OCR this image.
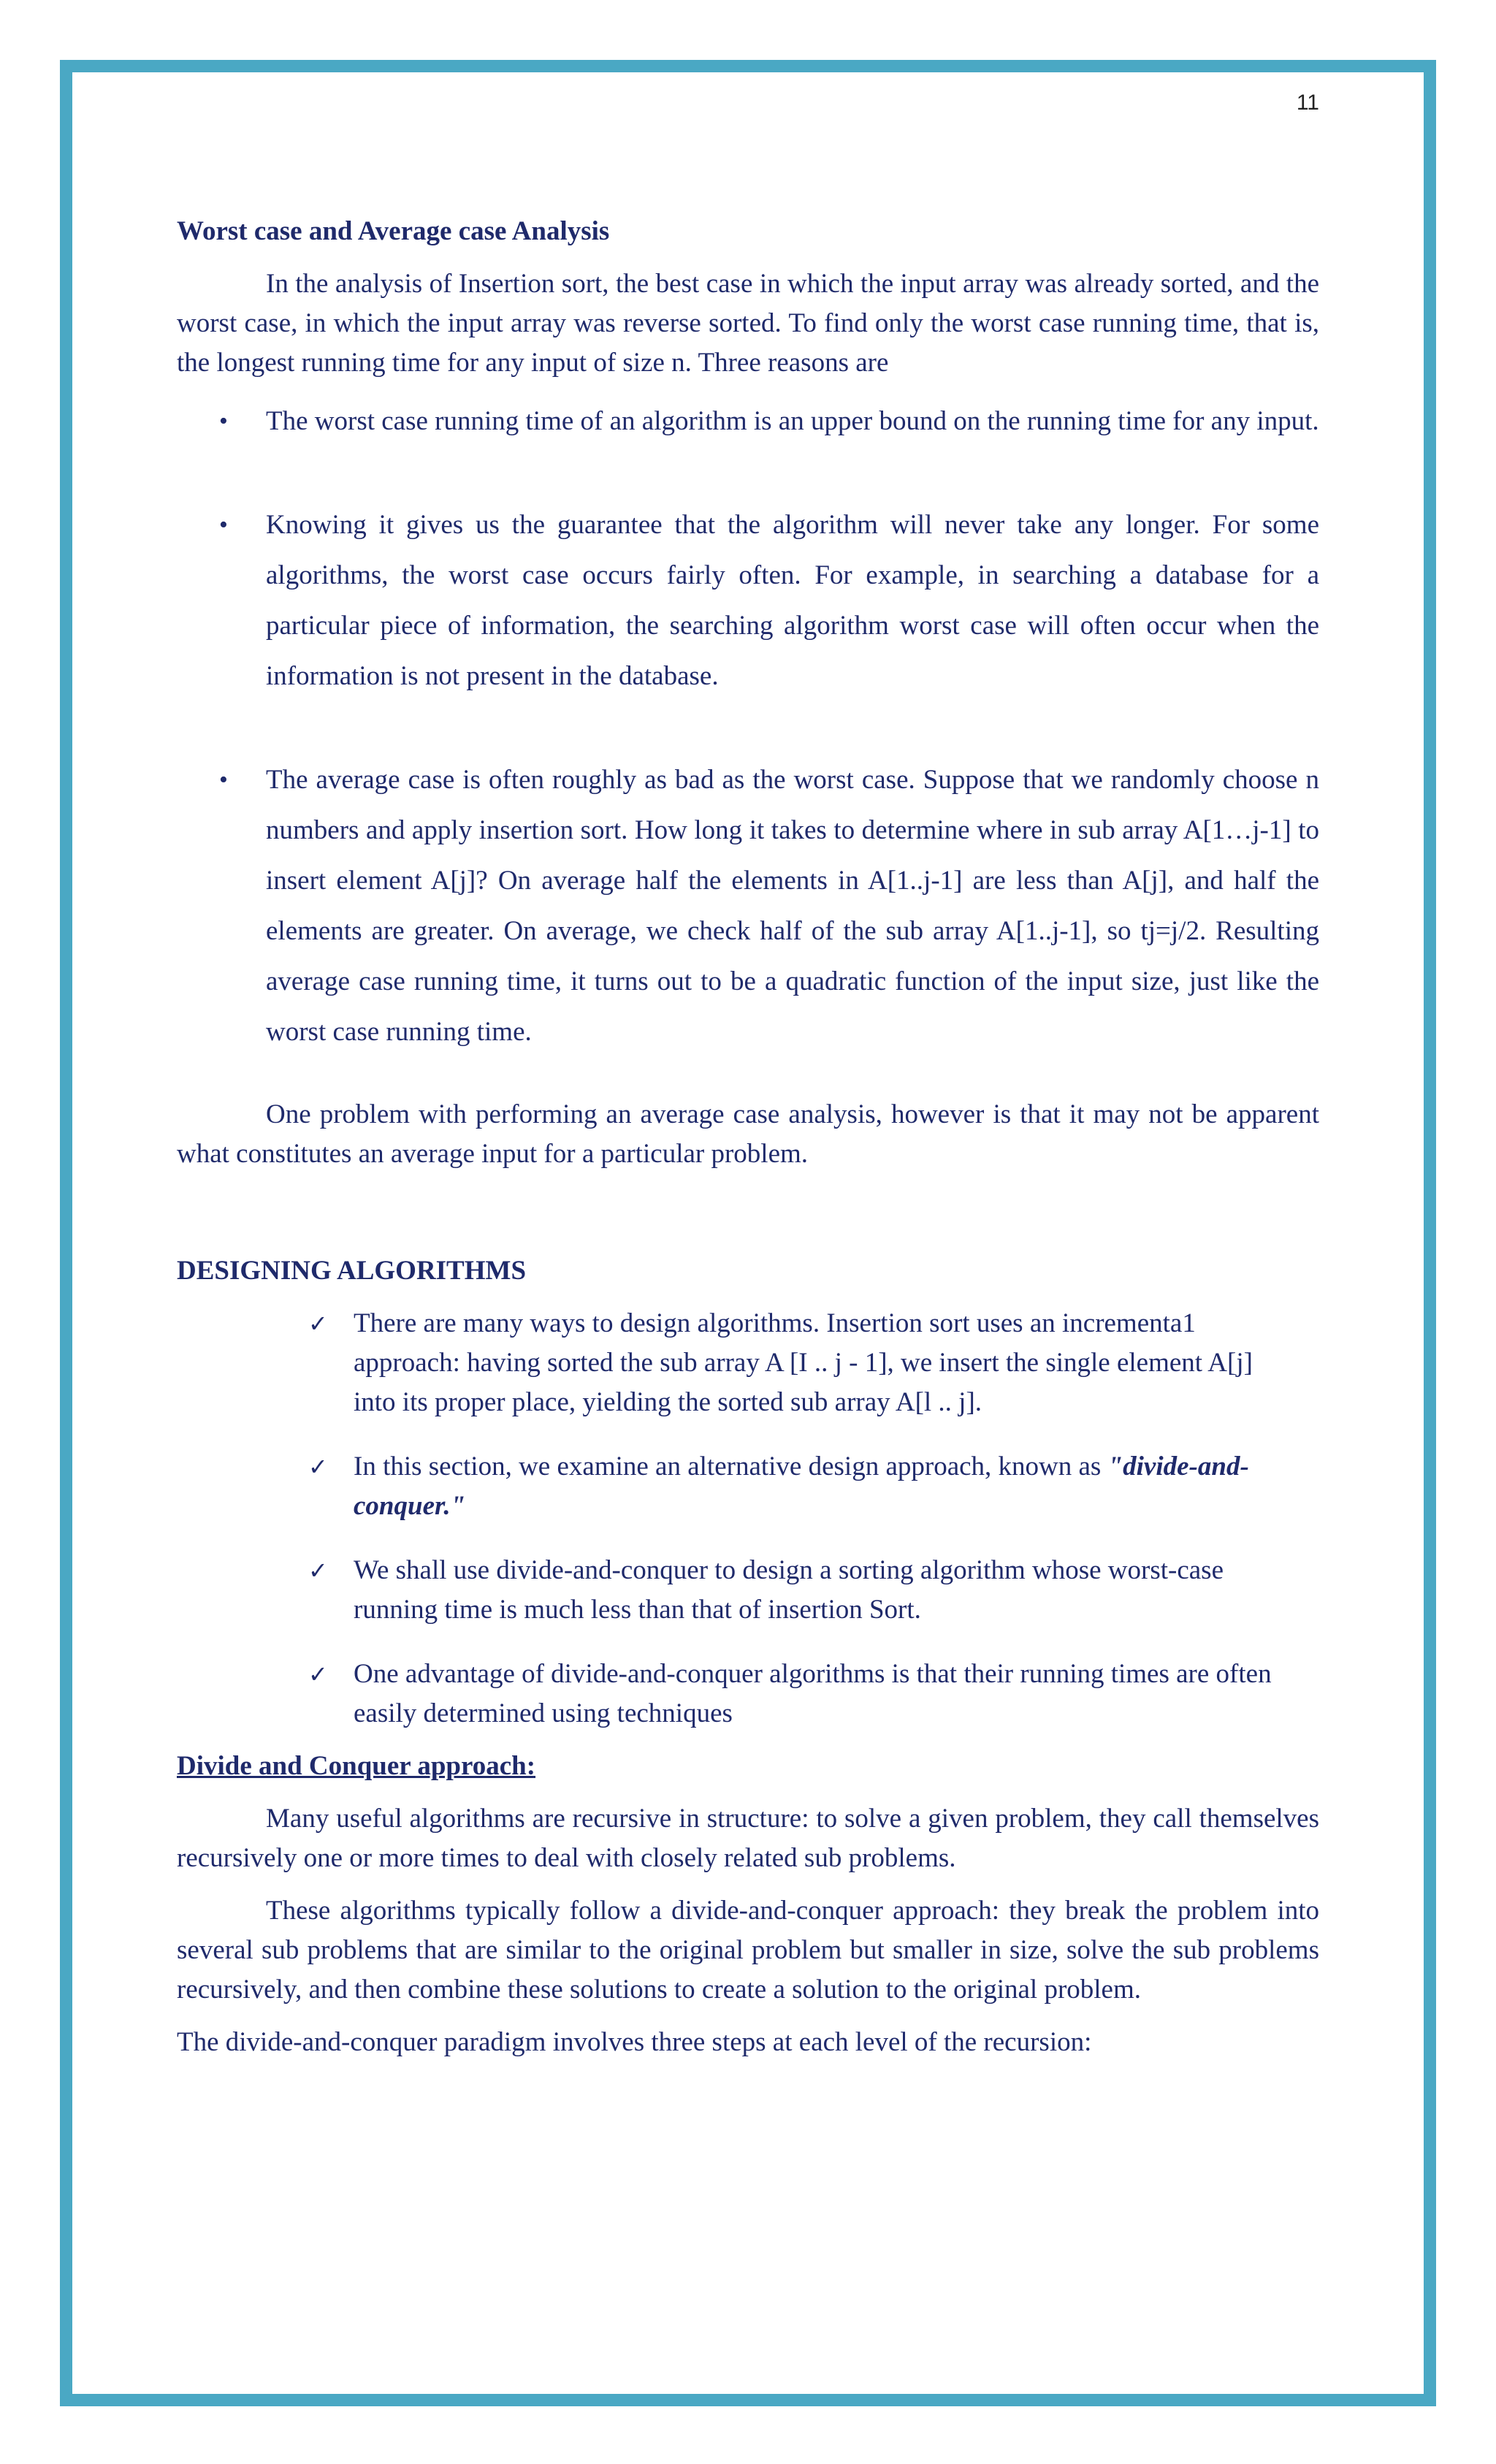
11
Worst case and Average case Analysis

In the analysis of Insertion sort, the best case in which the input array was already sorted, and the worst case, in which the input array was reverse sorted. To find only the worst case running time, that is, the longest running time for any input of size n. Three reasons are

• The worst case running time of an algorithm is an upper bound on the running time for any input.
• Knowing it gives us the guarantee that the algorithm will never take any longer. For some algorithms, the worst case occurs fairly often. For example, in searching a database for a particular piece of information, the searching algorithm worst case will often occur when the information is not present in the database.
• The average case is often roughly as bad as the worst case. Suppose that we randomly choose n numbers and apply insertion sort. How long it takes to determine where in sub array A[1…j-1] to insert element A[j]? On average half the elements in A[1..j-1] are less than A[j], and half the elements are greater. On average, we check half of the sub array A[1..j-1], so tj=j/2. Resulting average case running time, it turns out to be a quadratic function of the input size, just like the worst case running time.

One problem with performing an average case analysis, however is that it may not be apparent what constitutes an average input for a particular problem.

DESIGNING ALGORITHMS
✓ There are many ways to design algorithms. Insertion sort uses an incrementa1 approach: having sorted the sub array A [I .. j - 1], we insert the single element A[j] into its proper place, yielding the sorted sub array A[l .. j].
✓ In this section, we examine an alternative design approach, known as "divide-and-conquer."
✓ We shall use divide-and-conquer to design a sorting algorithm whose worst-case running time is much less than that of insertion Sort.
✓ One advantage of divide-and-conquer algorithms is that their running times are often easily determined using techniques
Divide and Conquer approach:

Many useful algorithms are recursive in structure: to solve a given problem, they call themselves recursively one or more times to deal with closely related sub problems.

These algorithms typically follow a divide-and-conquer approach: they break the problem into several sub problems that are similar to the original problem but smaller in size, solve the sub problems recursively, and then combine these solutions to create a solution to the original problem.

The divide-and-conquer paradigm involves three steps at each level of the recursion:
